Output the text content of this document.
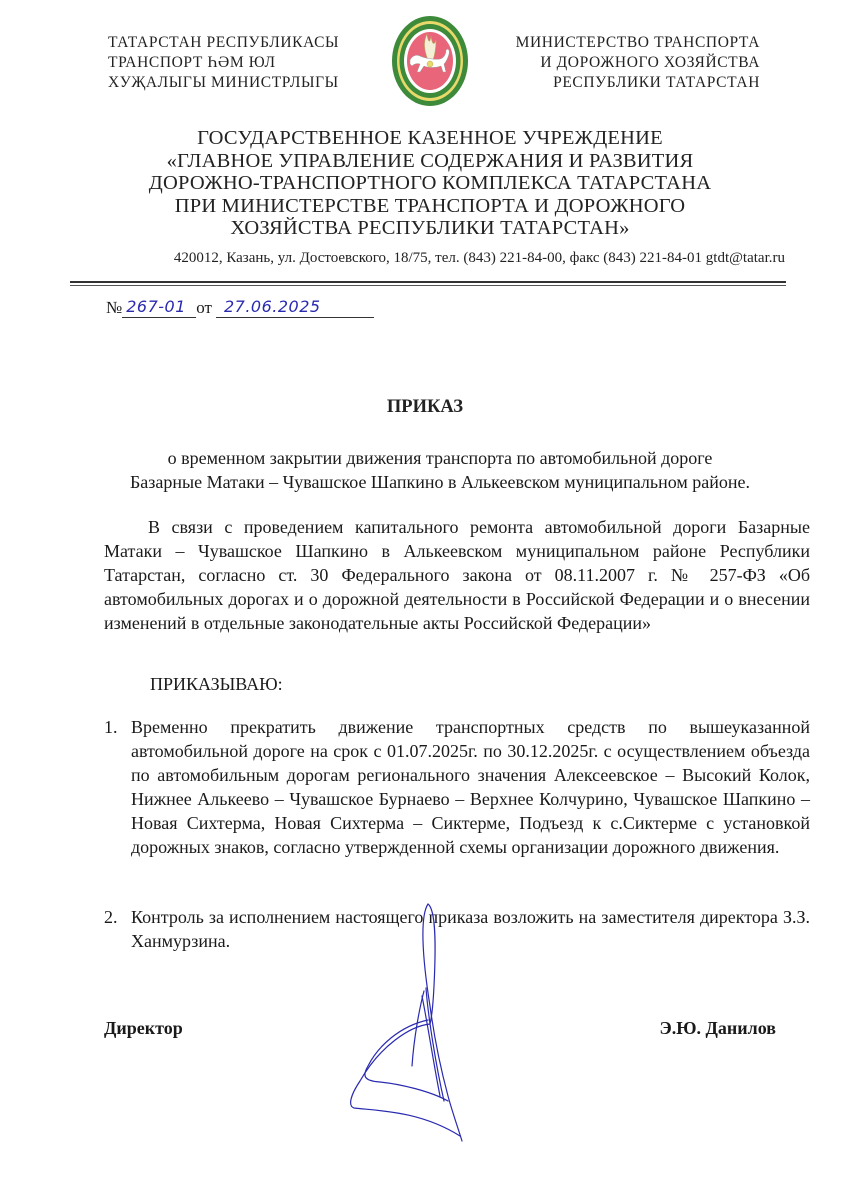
ТАТАРСТАН РЕСПУБЛИКАСЫ
ТРАНСПОРТ ҺӘМ ЮЛ
ХУҖАЛЫГЫ МИНИСТРЛЫГЫ
МИНИСТЕРСТВО ТРАНСПОРТА
И ДОРОЖНОГО ХОЗЯЙСТВА
РЕСПУБЛИКИ ТАТАРСТАН
ГОСУДАРСТВЕННОЕ КАЗЕННОЕ УЧРЕЖДЕНИЕ
«ГЛАВНОЕ УПРАВЛЕНИЕ СОДЕРЖАНИЯ И РАЗВИТИЯ
ДОРОЖНО-ТРАНСПОРТНОГО КОМПЛЕКСА ТАТАРСТАНА
ПРИ МИНИСТЕРСТВЕ ТРАНСПОРТА И ДОРОЖНОГО
ХОЗЯЙСТВА РЕСПУБЛИКИ ТАТАРСТАН»
420012, Казань, ул. Достоевского, 18/75, тел. (843) 221-84-00, факс (843) 221-84-01 gtdt@tatar.ru
№ 267-01 от 27.06.2025
ПРИКАЗ
о временном закрытии движения транспорта по автомобильной дороге
Базарные Матаки – Чувашское Шапкино в Алькеевском муниципальном районе.
В связи с проведением капитального ремонта автомобильной дороги Базарные Матаки – Чувашское Шапкино в Алькеевском муниципальном районе Республики Татарстан, согласно ст. 30 Федерального закона от 08.11.2007 г. № 257-ФЗ «Об автомобильных дорогах и о дорожной деятельности в Российской Федерации и о внесении изменений в отдельные законодательные акты Российской Федерации»
ПРИКАЗЫВАЮ:
1. Временно прекратить движение транспортных средств по вышеуказанной автомобильной дороге на срок с 01.07.2025г. по 30.12.2025г. с осуществлением объезда по автомобильным дорогам регионального значения Алексеевское – Высокий Колок, Нижнее Алькеево – Чувашское Бурнаево – Верхнее Колчурино, Чувашское Шапкино – Новая Сихтерма, Новая Сихтерма – Сиктерме, Подъезд к с.Сиктерме с установкой дорожных знаков, согласно утвержденной схемы организации дорожного движения.
2. Контроль за исполнением настоящего приказа возложить на заместителя директора З.З. Ханмурзина.
Директор	Э.Ю. Данилов
